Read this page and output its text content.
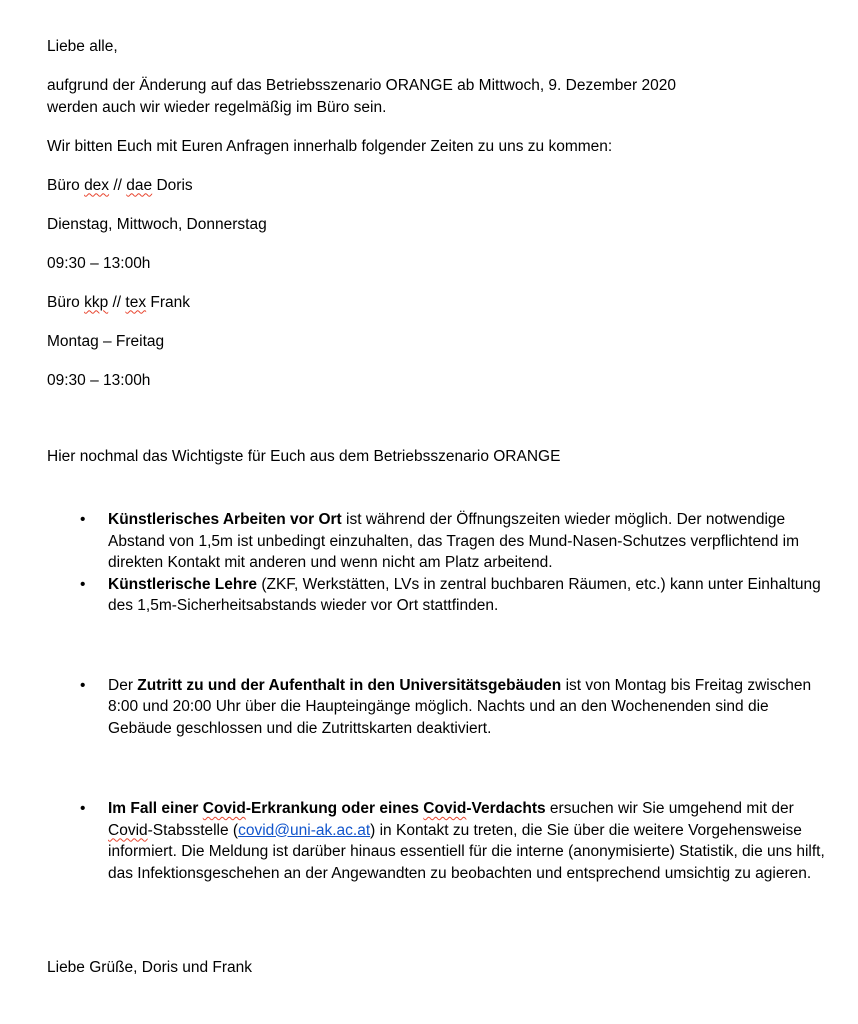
Liebe alle,

aufgrund der Änderung auf das Betriebsszenario ORANGE ab Mittwoch, 9. Dezember 2020
werden auch wir wieder regelmäßig im Büro sein.

Wir bitten Euch mit Euren Anfragen innerhalb folgender Zeiten zu uns zu kommen:

Büro dex // dae Doris

Dienstag, Mittwoch, Donnerstag

09:30 – 13:00h

Büro kkp // tex Frank

Montag – Freitag

09:30 – 13:00h

Hier nochmal das Wichtigste für Euch aus dem Betriebsszenario ORANGE

• Künstlerisches Arbeiten vor Ort ist während der Öffnungszeiten wieder möglich. Der notwendige
Abstand von 1,5m ist unbedingt einzuhalten, das Tragen des Mund-Nasen-Schutzes verpflichtend im
direkten Kontakt mit anderen und wenn nicht am Platz arbeitend.
• Künstlerische Lehre (ZKF, Werkstätten, LVs in zentral buchbaren Räumen, etc.) kann unter Einhaltung
des 1,5m-Sicherheitsabstands wieder vor Ort stattfinden.
• Der Zutritt zu und der Aufenthalt in den Universitätsgebäuden ist von Montag bis Freitag zwischen
8:00 und 20:00 Uhr über die Haupteingänge möglich. Nachts und an den Wochenenden sind die
Gebäude geschlossen und die Zutrittskarten deaktiviert.
• Im Fall einer Covid-Erkrankung oder eines Covid-Verdachts ersuchen wir Sie umgehend mit der
Covid-Stabsstelle (covid@uni-ak.ac.at) in Kontakt zu treten, die Sie über die weitere Vorgehensweise
informiert. Die Meldung ist darüber hinaus essentiell für die interne (anonymisierte) Statistik, die uns hilft,
das Infektionsgeschehen an der Angewandten zu beobachten und entsprechend umsichtig zu agieren.

Liebe Grüße, Doris und Frank
